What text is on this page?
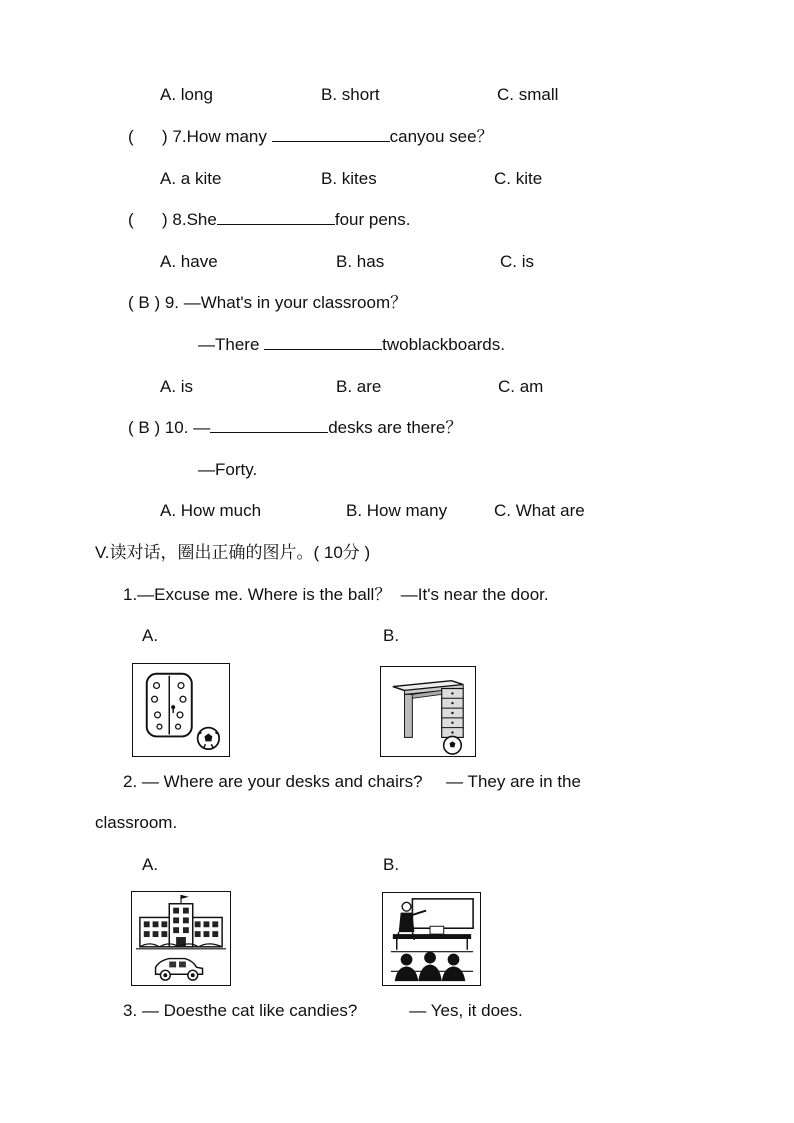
A. long	B. short	C. small
(      ) 7.How many	canyou see？
A. a kite	B. kites	C. kite
(      ) 8.She	four pens.
A. have	B. has	C. is
( B ) 9. —What's in your classroom？
—There	twoblackboards.
A. is	B. are	C. am
( B ) 10. —	desks are there？
—Forty.
A. How much	B. How many	C. What are
V.读对话，圈出正确的图片。( 10分 )
1.—Excuse me. Where is the ball？  —It's near the door.
A.	B.
2. — Where are your desks and chairs?     — They are in the
classroom.
A.	B.
3. — Doesthe cat like candies?           — Yes, it does.
